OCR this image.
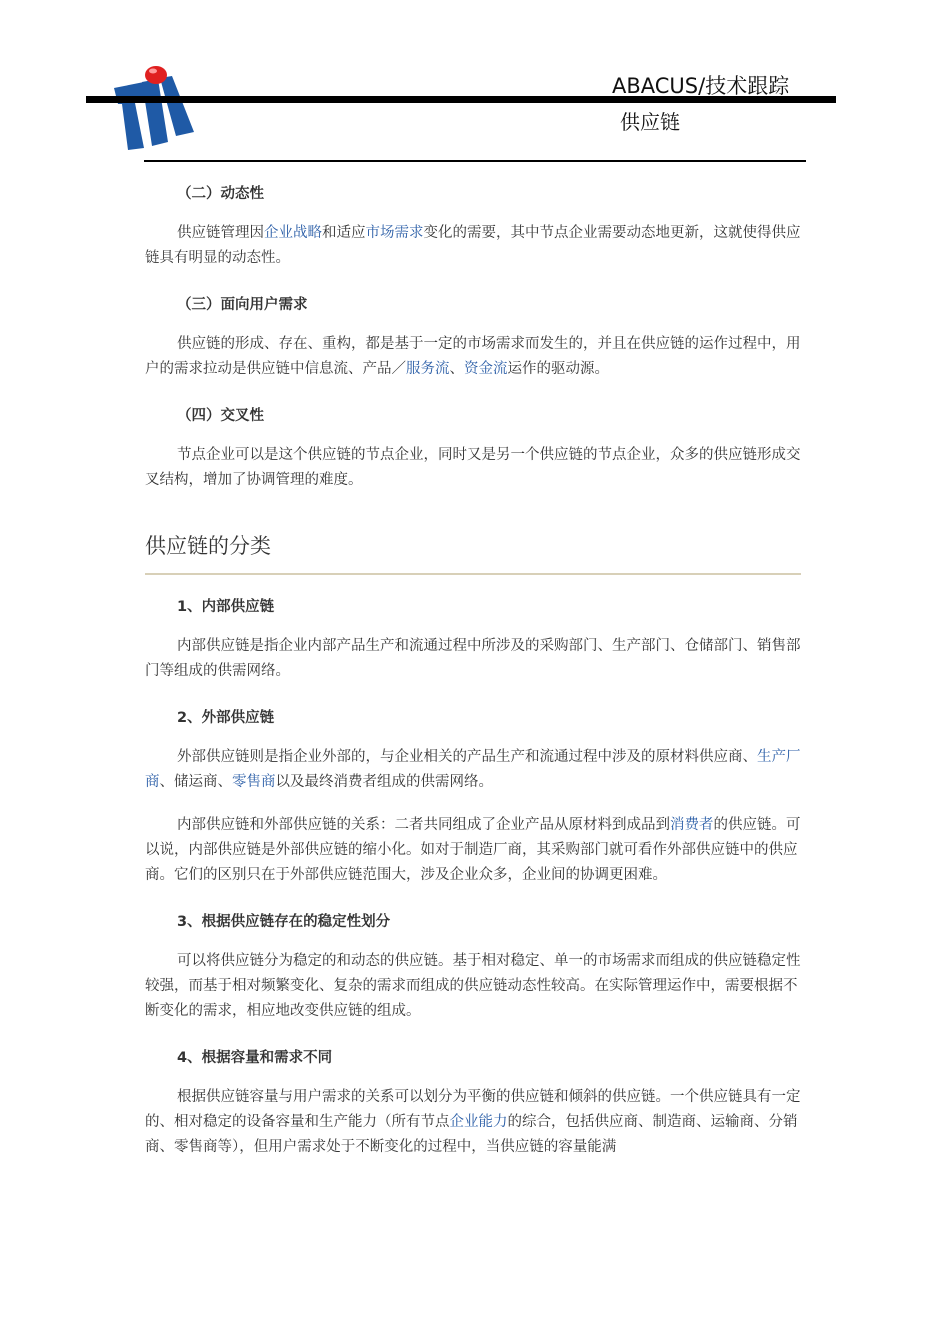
ABACUS/技术跟踪
供应链
（二）动态性

供应链管理因企业战略和适应市场需求变化的需要，其中节点企业需要动态地更新，这就使得供应链具有明显的动态性。

（三）面向用户需求

供应链的形成、存在、重构，都是基于一定的市场需求而发生的，并且在供应链的运作过程中，用户的需求拉动是供应链中信息流、产品／服务流、资金流运作的驱动源。

（四）交叉性

节点企业可以是这个供应链的节点企业，同时又是另一个供应链的节点企业，众多的供应链形成交叉结构，增加了协调管理的难度。

供应链的分类
1、内部供应链

内部供应链是指企业内部产品生产和流通过程中所涉及的采购部门、生产部门、仓储部门、销售部门等组成的供需网络。

2、外部供应链

外部供应链则是指企业外部的，与企业相关的产品生产和流通过程中涉及的原材料供应商、生产厂商、储运商、零售商以及最终消费者组成的供需网络。

内部供应链和外部供应链的关系：二者共同组成了企业产品从原材料到成品到消费者的供应链。可以说，内部供应链是外部供应链的缩小化。如对于制造厂商，其采购部门就可看作外部供应链中的供应商。它们的区别只在于外部供应链范围大，涉及企业众多，企业间的协调更困难。

3、根据供应链存在的稳定性划分

可以将供应链分为稳定的和动态的供应链。基于相对稳定、单一的市场需求而组成的供应链稳定性较强，而基于相对频繁变化、复杂的需求而组成的供应链动态性较高。在实际管理运作中，需要根据不断变化的需求，相应地改变供应链的组成。

4、根据容量和需求不同

根据供应链容量与用户需求的关系可以划分为平衡的供应链和倾斜的供应链。一个供应链具有一定的、相对稳定的设备容量和生产能力（所有节点企业能力的综合，包括供应商、制造商、运输商、分销商、零售商等），但用户需求处于不断变化的过程中，当供应链的容量能满
